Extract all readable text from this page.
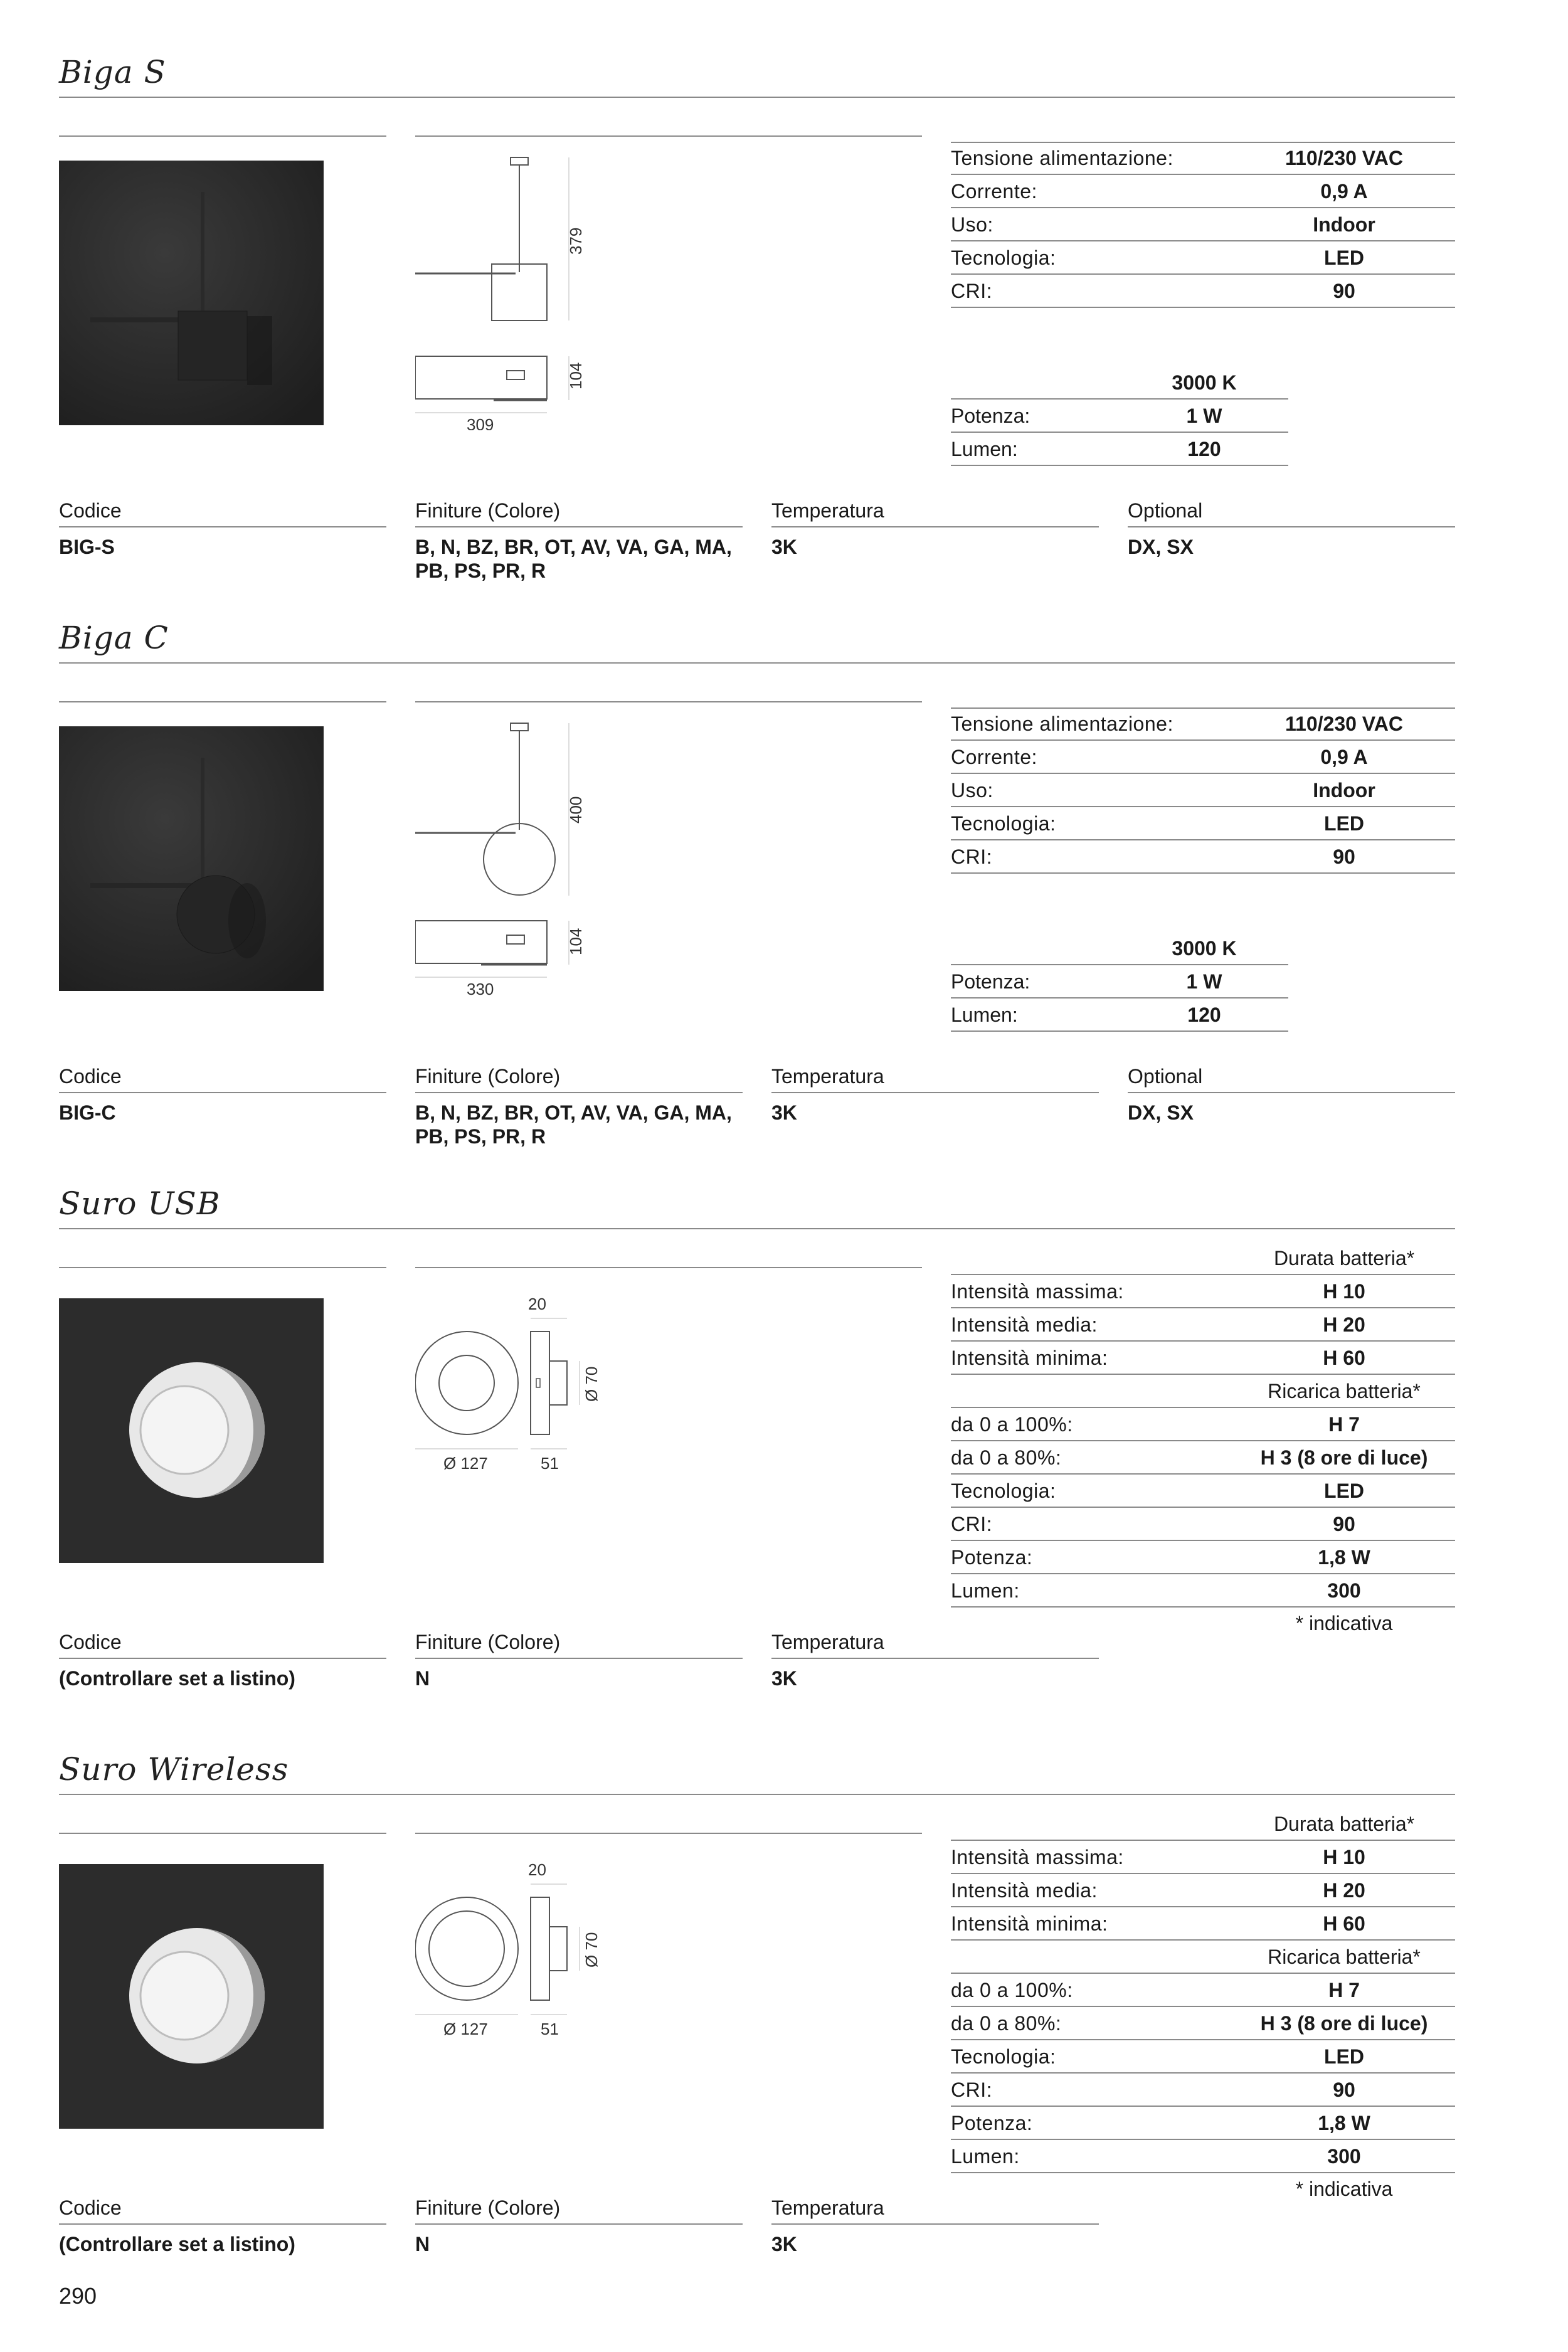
Biga S
379
104
309
Tensione alimentazione:	110/230 VAC
Corrente:	0,9 A
Uso:	Indoor
Tecnologia:	LED
CRI:	90
3000 K
Potenza:	1 W
Lumen:	120
Codice
BIG-S
Finiture (Colore)
B, N, BZ, BR, OT, AV, VA, GA, MA, PB, PS, PR, R
Temperatura
3K
Optional
DX, SX
Biga C
400
104
330
Tensione alimentazione:	110/230 VAC
Corrente:	0,9 A
Uso:	Indoor
Tecnologia:	LED
CRI:	90
3000 K
Potenza:	1 W
Lumen:	120
Codice
BIG-C
Finiture (Colore)
B, N, BZ, BR, OT, AV, VA, GA, MA, PB, PS, PR, R
Temperatura
3K
Optional
DX, SX
Suro USB
20
Ø 70
Ø 127	51
Durata batteria*
Intensità massima:	H 10
Intensità media:	H 20
Intensità minima:	H 60
Ricarica batteria*
da 0 a 100%:	H 7
da 0 a 80%:	H 3 (8 ore di luce)
Tecnologia:	LED
CRI:	90
Potenza:	1,8 W
Lumen:	300
* indicativa
Codice
(Controllare set a listino)
Finiture (Colore)
N
Temperatura
3K
Suro Wireless
20
Ø 70
Ø 127	51
Durata batteria*
Intensità massima:	H 10
Intensità media:	H 20
Intensità minima:	H 60
Ricarica batteria*
da 0 a 100%:	H 7
da 0 a 80%:	H 3 (8 ore di luce)
Tecnologia:	LED
CRI:	90
Potenza:	1,8 W
Lumen:	300
* indicativa
Codice
(Controllare set a listino)
Finiture (Colore)
N
Temperatura
3K
290
